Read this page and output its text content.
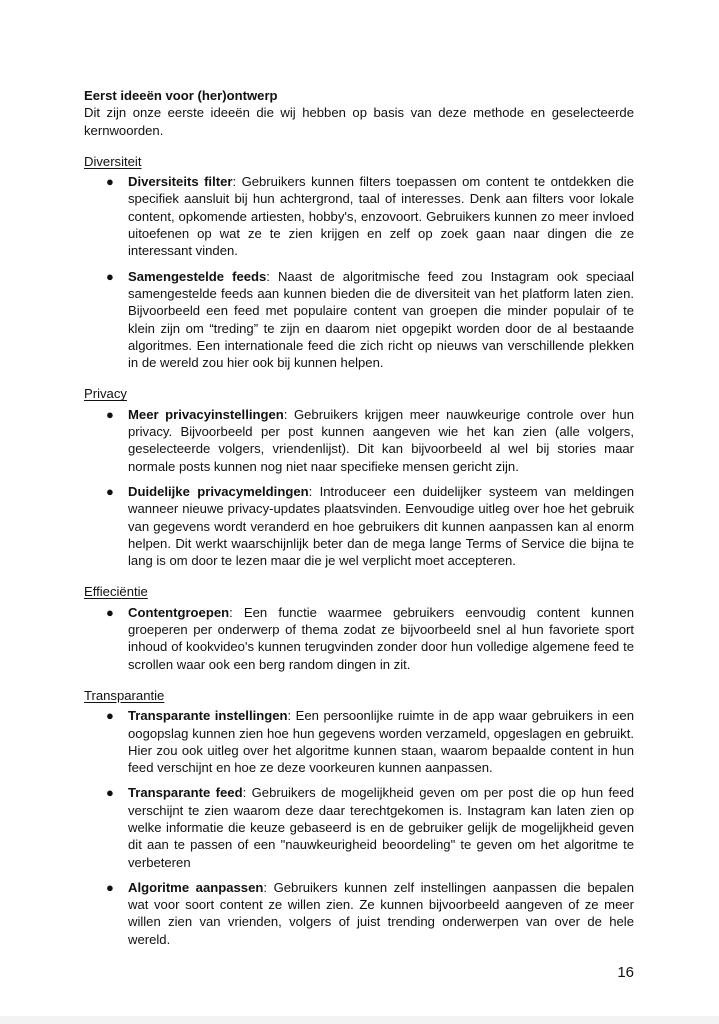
Eerst ideeën voor (her)ontwerp

Dit zijn onze eerste ideeën die wij hebben op basis van deze methode en geselecteerde kernwoorden.

Diversiteit
● Diversiteits filter: Gebruikers kunnen filters toepassen om content te ontdekken die specifiek aansluit bij hun achtergrond, taal of interesses. Denk aan filters voor lokale content, opkomende artiesten, hobby's, enzovoort. Gebruikers kunnen zo meer invloed uitoefenen op wat ze te zien krijgen en zelf op zoek gaan naar dingen die ze interessant vinden.
● Samengestelde feeds: Naast de algoritmische feed zou Instagram ook speciaal samengestelde feeds aan kunnen bieden die de diversiteit van het platform laten zien. Bijvoorbeeld een feed met populaire content van groepen die minder populair of te klein zijn om “treding” te zijn en daarom niet opgepikt worden door de al bestaande algoritmes. Een internationale feed die zich richt op nieuws van verschillende plekken in de wereld zou hier ook bij kunnen helpen.
Privacy
● Meer privacyinstellingen: Gebruikers krijgen meer nauwkeurige controle over hun privacy. Bijvoorbeeld per post kunnen aangeven wie het kan zien (alle volgers, geselecteerde volgers, vriendenlijst). Dit kan bijvoorbeeld al wel bij stories maar normale posts kunnen nog niet naar specifieke mensen gericht zijn.
● Duidelijke privacymeldingen: Introduceer een duidelijker systeem van meldingen wanneer nieuwe privacy-updates plaatsvinden. Eenvoudige uitleg over hoe het gebruik van gegevens wordt veranderd en hoe gebruikers dit kunnen aanpassen kan al enorm helpen. Dit werkt waarschijnlijk beter dan de mega lange Terms of Service die bijna te lang is om door te lezen maar die je wel verplicht moet accepteren.
Effieciëntie
● Contentgroepen: Een functie waarmee gebruikers eenvoudig content kunnen groeperen per onderwerp of thema zodat ze bijvoorbeeld snel al hun favoriete sport inhoud of kookvideo's kunnen terugvinden zonder door hun volledige algemene feed te scrollen waar ook een berg random dingen in zit.
Transparantie
● Transparante instellingen: Een persoonlijke ruimte in de app waar gebruikers in een oogopslag kunnen zien hoe hun gegevens worden verzameld, opgeslagen en gebruikt. Hier zou ook uitleg over het algoritme kunnen staan, waarom bepaalde content in hun feed verschijnt en hoe ze deze voorkeuren kunnen aanpassen.
● Transparante feed: Gebruikers de mogelijkheid geven om per post die op hun feed verschijnt te zien waarom deze daar terechtgekomen is. Instagram kan laten zien op welke informatie die keuze gebaseerd is en de gebruiker gelijk de mogelijkheid geven dit aan te passen of een "nauwkeurigheid beoordeling" te geven om het algoritme te verbeteren
● Algoritme aanpassen: Gebruikers kunnen zelf instellingen aanpassen die bepalen wat voor soort content ze willen zien. Ze kunnen bijvoorbeeld aangeven of ze meer willen zien van vrienden, volgers of juist trending onderwerpen van over de hele wereld.
16
